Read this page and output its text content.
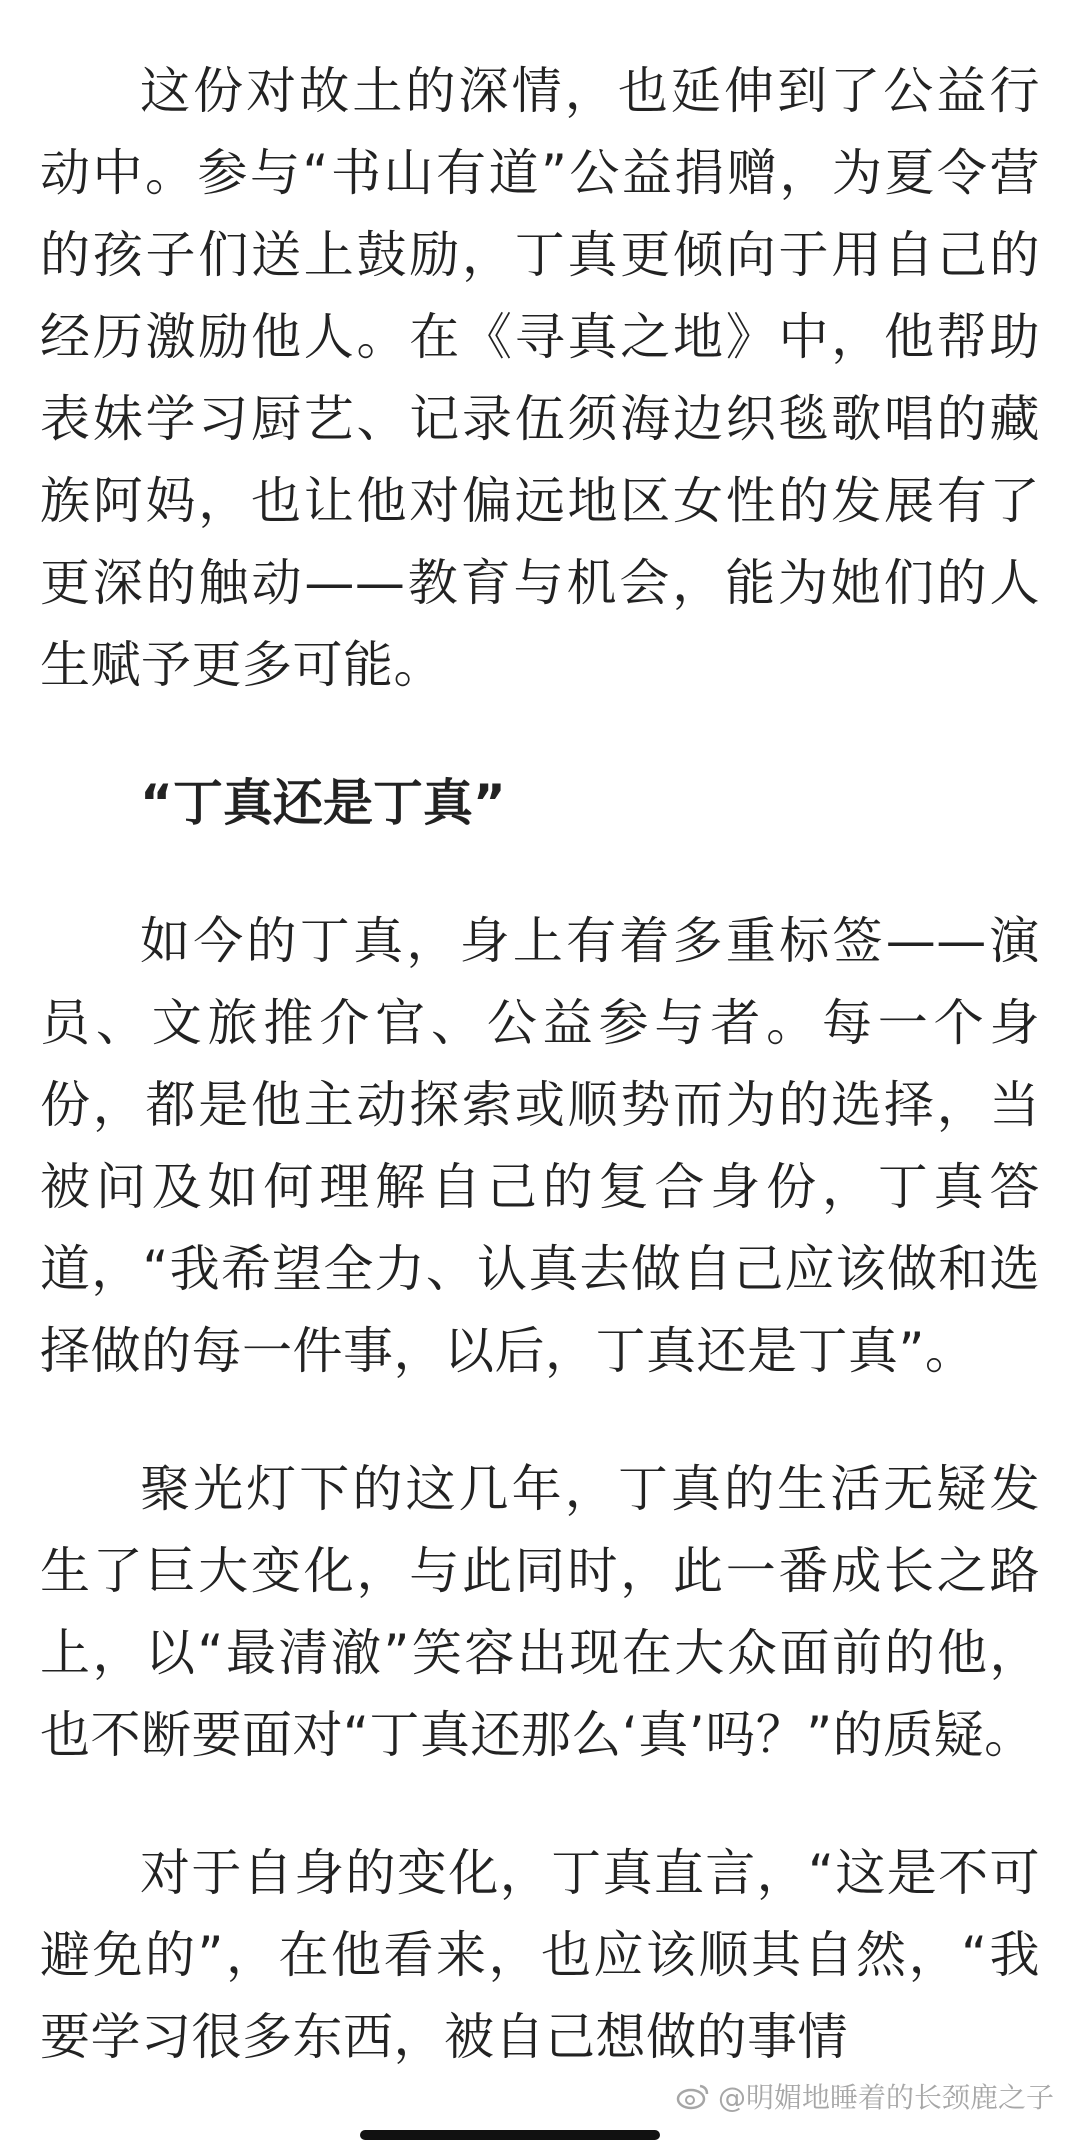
这份对故土的深情，也延伸到了公益行动中。参与“书山有道”公益捐赠，为夏令营的孩子们送上鼓励，丁真更倾向于用自己的经历激励他人。在《寻真之地》中，他帮助表妹学习厨艺、记录伍须海边织毯歌唱的藏族阿妈，也让他对偏远地区女性的发展有了更深的触动——教育与机会，能为她们的人生赋予更多可能。

“丁真还是丁真”

如今的丁真，身上有着多重标签——演员、文旅推介官、公益参与者。每一个身份，都是他主动探索或顺势而为的选择，当被问及如何理解自己的复合身份，丁真答道，“我希望全力、认真去做自己应该做和选择做的每一件事，以后，丁真还是丁真”。

聚光灯下的这几年，丁真的生活无疑发生了巨大变化，与此同时，此一番成长之路上，以“最清澈”笑容出现在大众面前的他，也不断要面对“丁真还那么‘真’吗？”的质疑。

对于自身的变化，丁真直言，“这是不可避免的”，在他看来，也应该顺其自然，“我要学习很多东西，被自己想做的事情

@明媚地睡着的长颈鹿之子
